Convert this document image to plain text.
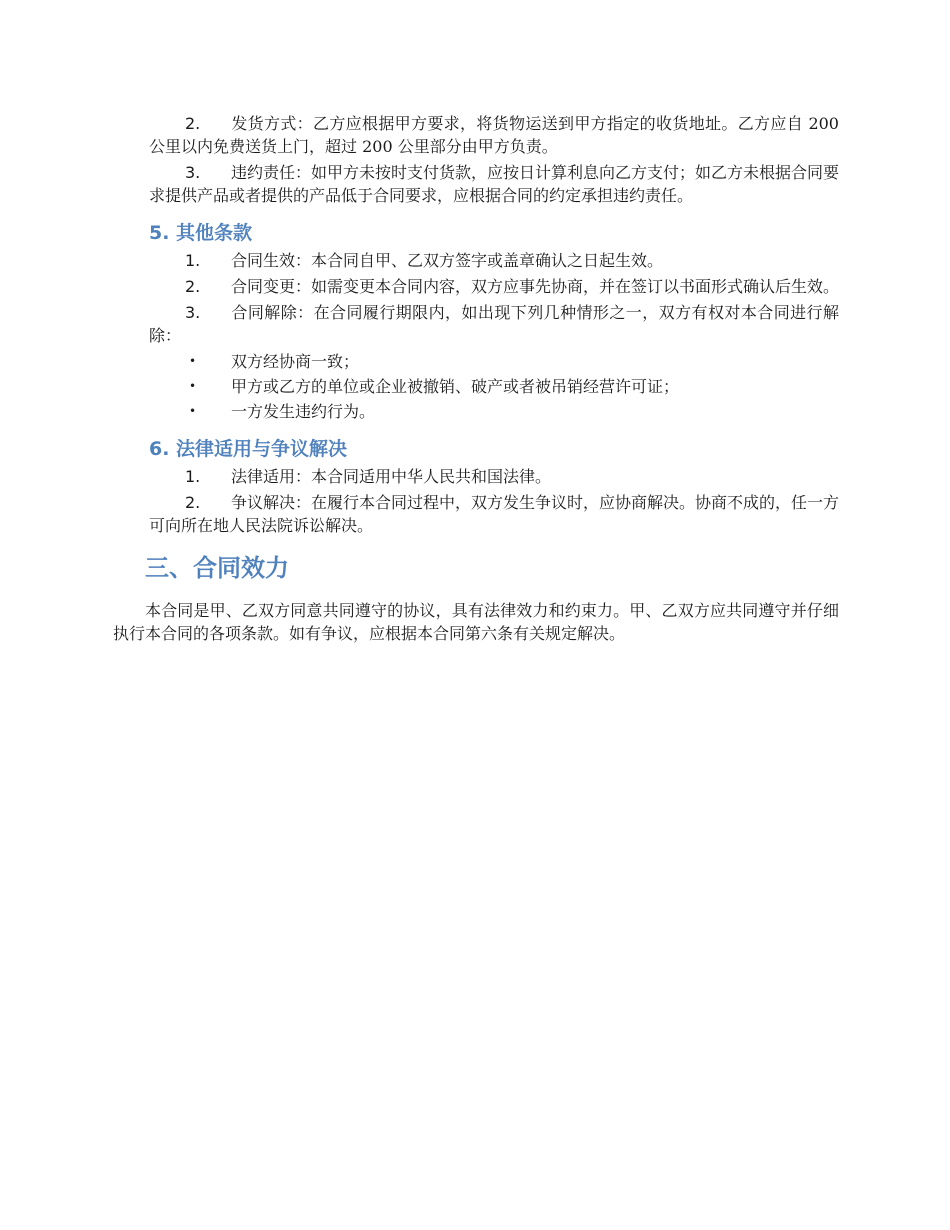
2. 发货方式：乙方应根据甲方要求，将货物运送到甲方指定的收货地址。乙方应自 200 公里以内免费送货上门，超过 200 公里部分由甲方负责。

3. 违约责任：如甲方未按时支付货款，应按日计算利息向乙方支付；如乙方未根据合同要求提供产品或者提供的产品低于合同要求，应根据合同的约定承担违约责任。

5. 其他条款

1. 合同生效：本合同自甲、乙双方签字或盖章确认之日起生效。

2. 合同变更：如需变更本合同内容，双方应事先协商，并在签订以书面形式确认后生效。

3. 合同解除：在合同履行期限内，如出现下列几种情形之一，双方有权对本合同进行解除：

• 双方经协商一致；
• 甲方或乙方的单位或企业被撤销、破产或者被吊销经营许可证；
• 一方发生违约行为。
6. 法律适用与争议解决

1. 法律适用：本合同适用中华人民共和国法律。

2. 争议解决：在履行本合同过程中，双方发生争议时，应协商解决。协商不成的，任一方可向所在地人民法院诉讼解决。

三、合同效力

本合同是甲、乙双方同意共同遵守的协议，具有法律效力和约束力。甲、乙双方应共同遵守并仔细执行本合同的各项条款。如有争议，应根据本合同第六条有关规定解决。
